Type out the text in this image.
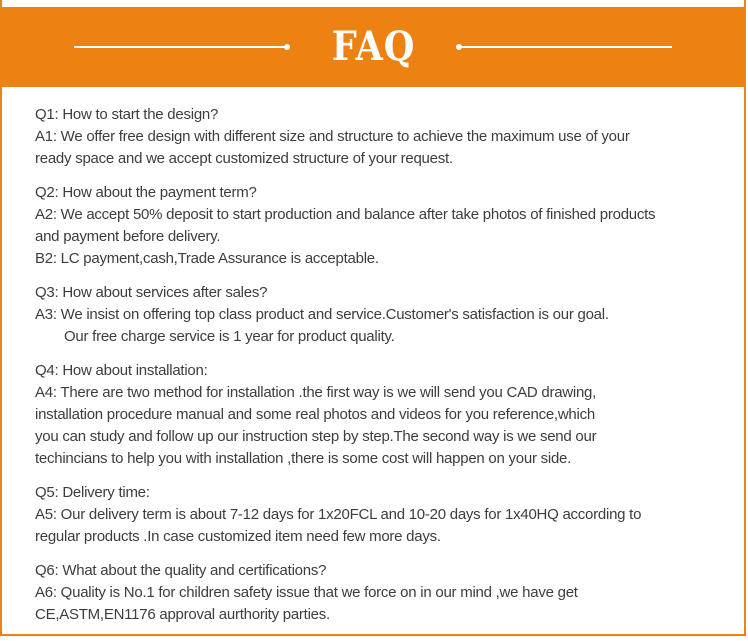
FAQ
Q1: How to start the design?
A1: We offer free design with different size and structure to achieve the maximum use of your
ready space and we accept customized structure of your request.
Q2: How about the payment term?
A2: We accept 50% deposit to start production and balance after take photos of finished products
and payment before delivery.
B2: LC payment,cash,Trade Assurance is acceptable.
Q3: How about services after sales?
A3: We insist on offering top class product and service.Customer's satisfaction is our goal.
Our free charge service is 1 year for product quality.
Q4: How about installation:
A4: There are two method for installation .the first way is we will send you CAD drawing,
installation procedure manual and some real photos and videos for you reference,which
you can study and follow up our instruction step by step.The second way is we send our
techincians to help you with installation ,there is some cost will happen on your side.
Q5: Delivery time:
A5: Our delivery term is about 7-12 days for 1x20FCL and 10-20 days for 1x40HQ according to
regular products .In case customized item need few more days.
Q6: What about the quality and certifications?
A6: Quality is No.1 for children safety issue that we force on in our mind ,we have get
CE,ASTM,EN1176 approval aurthority parties.
